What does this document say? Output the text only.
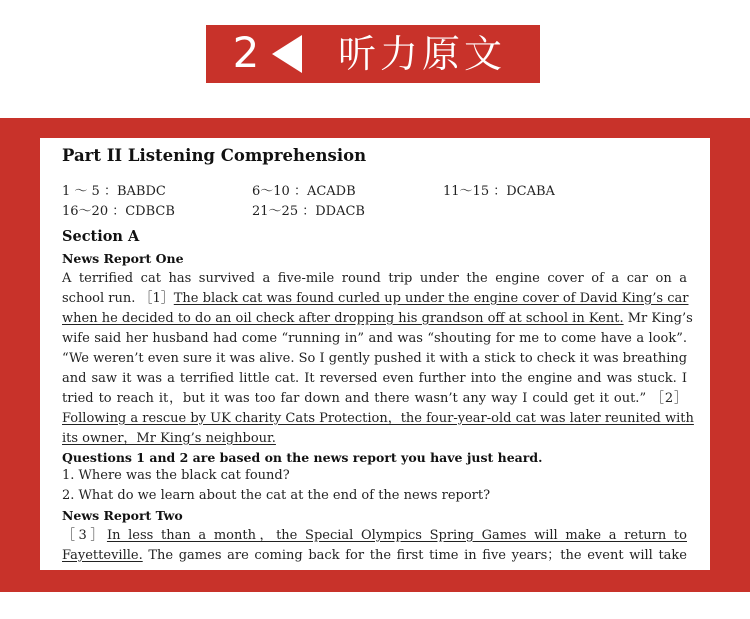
2 听力原文
Part II Listening Comprehension
1 ～ 5 ：BABDC	6～10 ：ACADB	11～15 ：DCABA
16～20 ：CDBCB	21～25 ：DDACB
Section A
News Report One
A terrified cat has survived a five-mile round trip under the engine cover of a car on a
school run. ［1］The black cat was found curled up under the engine cover of David King’s car
when he decided to do an oil check after dropping his grandson off at school in Kent. Mr King’s
wife said her husband had come “running in” and was “shouting for me to come have a look”.
“We weren’t even sure it was alive. So I gently pushed it with a stick to check it was breathing
and saw it was a terrified little cat. It reversed even further into the engine and was stuck. I
tried to reach it，but it was too far down and there wasn’t any way I could get it out.” ［2］
Following a rescue by UK charity Cats Protection，the four-year-old cat was later reunited with
its owner，Mr King’s neighbour.
Questions 1 and 2 are based on the news report you have just heard.
1. Where was the black cat found?
2. What do we learn about the cat at the end of the news report?
News Report Two
［3］In less than a month，the Special Olympics Spring Games will make a return to
Fayetteville. The games are coming back for the first time in five years；the event will take
